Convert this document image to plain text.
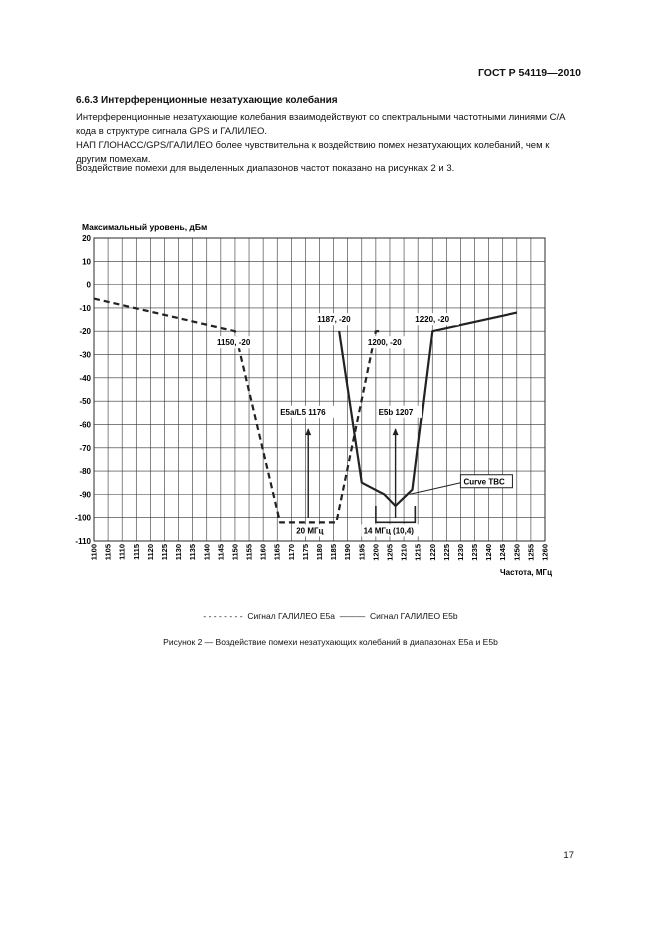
ГОСТ Р 54119—2010
6.6.3 Интерференционные незатухающие колебания
Интерференционные незатухающие колебания взаимодействуют со спектральными частотными линиями C/A кода в структуре сигнала GPS и ГАЛИЛЕО.
НАП ГЛОНАСС/GPS/ГАЛИЛЕО более чувствительна к воздействию помех незатухающих колебаний, чем к другим помехам.
Воздействие помехи для выделенных диапазонов частот показано на рисунках 2 и 3.
1150, -20
1187, -20
1200, -20
1220, -20
E5a/L5 1176	E5b 1207
20 МГц	14 МГц (10,4)
Curve TBC
1100 1105 1110 1115 1120 1125 1130 1135 1140 1145 1150 1155 1160 1165 1170 1175 1180 1185 1190 1195 1200 1205 1210 1215 1220 1225 1230 1235 1240 1245 1250 1255 1260
20
10
0
-10
-20
-30
-40
-50
-60
-70
-80
-90
-100
-110
Максимальный уровень, дБм
Частота, МГц
- - - - - - - - Сигнал ГАЛИЛЕО E5a ——— Сигнал ГАЛИЛЕО E5b
Рисунок 2 — Воздействие помехи незатухающих колебаний в диапазонах E5a и E5b
17
